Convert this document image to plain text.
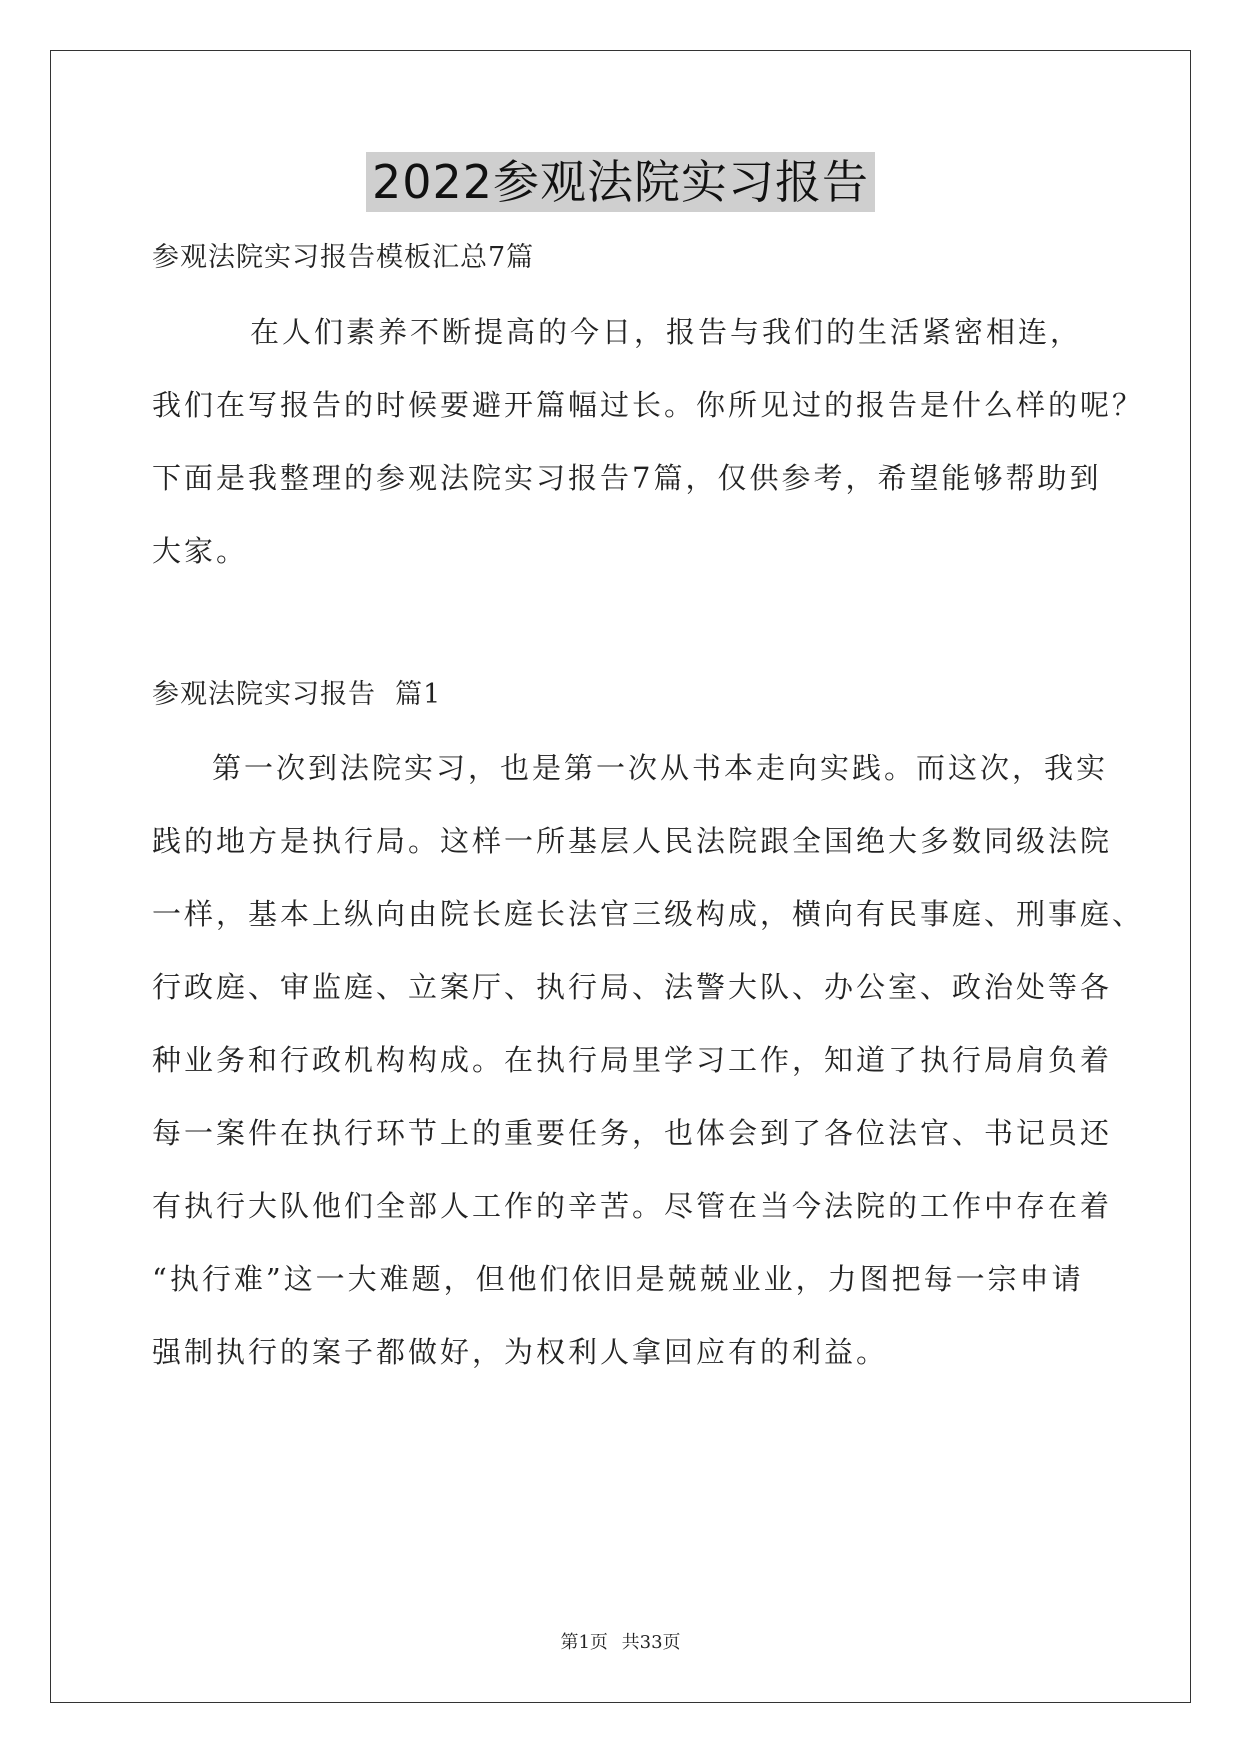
2022参观法院实习报告
参观法院实习报告模板汇总7篇
在人们素养不断提高的今日，报告与我们的生活紧密相连，
我们在写报告的时候要避开篇幅过长。你所见过的报告是什么样的呢？
下面是我整理的参观法院实习报告7篇，仅供参考，希望能够帮助到
大家。
参观法院实习报告  篇1
第一次到法院实习，也是第一次从书本走向实践。而这次，我实
践的地方是执行局。这样一所基层人民法院跟全国绝大多数同级法院
一样，基本上纵向由院长庭长法官三级构成，横向有民事庭、刑事庭、
行政庭、审监庭、立案厅、执行局、法警大队、办公室、政治处等各
种业务和行政机构构成。在执行局里学习工作，知道了执行局肩负着
每一案件在执行环节上的重要任务，也体会到了各位法官、书记员还
有执行大队他们全部人工作的辛苦。尽管在当今法院的工作中存在着
“执行难”这一大难题，但他们依旧是兢兢业业，力图把每一宗申请
强制执行的案子都做好，为权利人拿回应有的利益。
第1页 共33页
